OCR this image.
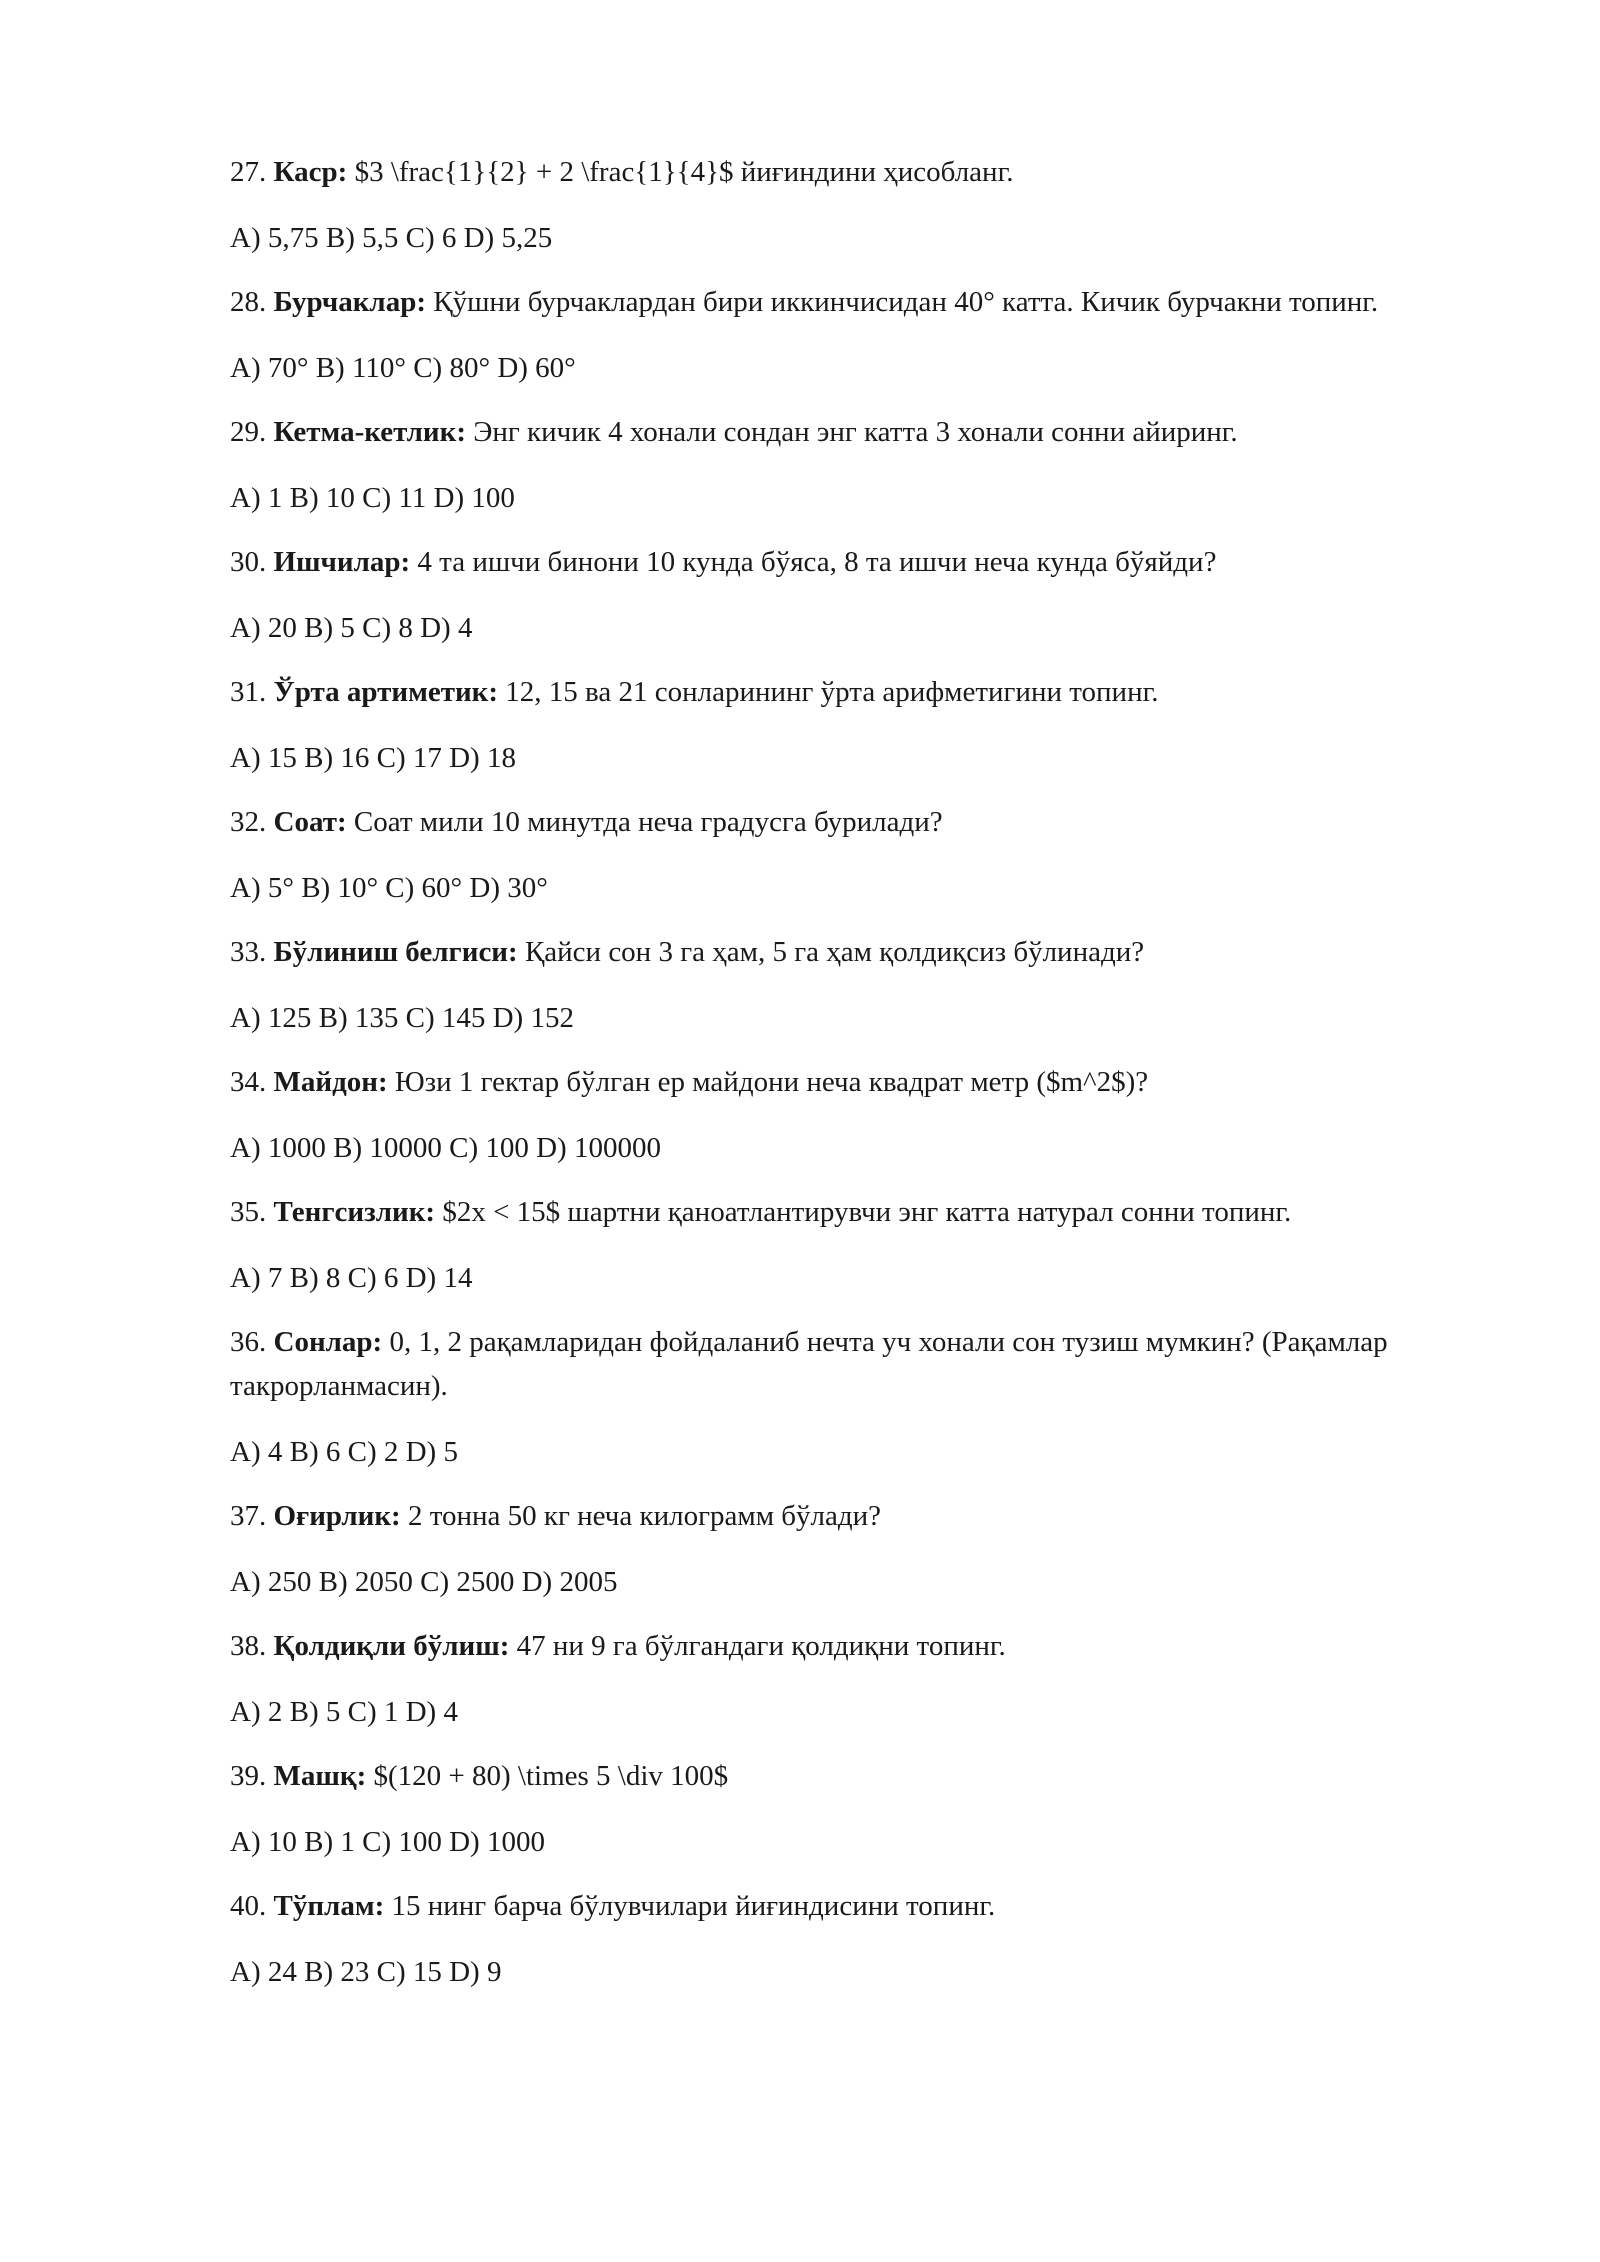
27. Каср: $3 \frac{1}{2} + 2 \frac{1}{4}$ йиғиндини ҳисобланг.

A) 5,75 B) 5,5 C) 6 D) 5,25

28. Бурчаклар: Қўшни бурчаклардан бири иккинчисидан 40° катта. Кичик бурчакни топинг.

A) 70° B) 110° C) 80° D) 60°

29. Кетма-кетлик: Энг кичик 4 хонали сондан энг катта 3 хонали сонни айиринг.

A) 1 B) 10 C) 11 D) 100

30. Ишчилар: 4 та ишчи бинони 10 кунда бўяса, 8 та ишчи неча кунда бўяйди?

A) 20 B) 5 C) 8 D) 4

31. Ўрта артиметик: 12, 15 ва 21 сонларининг ўрта арифметигини топинг.

A) 15 B) 16 C) 17 D) 18

32. Соат: Соат мили 10 минутда неча градусга бурилади?

A) 5° B) 10° C) 60° D) 30°

33. Бўлиниш белгиси: Қайси сон 3 га ҳам, 5 га ҳам қолдиқсиз бўлинади?

A) 125 B) 135 C) 145 D) 152

34. Майдон: Юзи 1 гектар бўлган ер майдони неча квадрат метр ($m^2$)?

A) 1000 B) 10000 C) 100 D) 100000

35. Тенгсизлик: $2x < 15$ шартни қаноатлантирувчи энг катта натурал сонни топинг.

A) 7 B) 8 C) 6 D) 14

36. Сонлар: 0, 1, 2 рақамларидан фойдаланиб нечта уч хонали сон тузиш мумкин? (Рақамлар такрорланмасин).

A) 4 B) 6 C) 2 D) 5

37. Оғирлик: 2 тонна 50 кг неча килограмм бўлади?

A) 250 B) 2050 C) 2500 D) 2005

38. Қолдиқли бўлиш: 47 ни 9 га бўлгандаги қолдиқни топинг.

A) 2 B) 5 C) 1 D) 4

39. Машқ: $(120 + 80) \times 5 \div 100$

A) 10 B) 1 C) 100 D) 1000

40. Тўплам: 15 нинг барча бўлувчилари йиғиндисини топинг.

A) 24 B) 23 C) 15 D) 9
